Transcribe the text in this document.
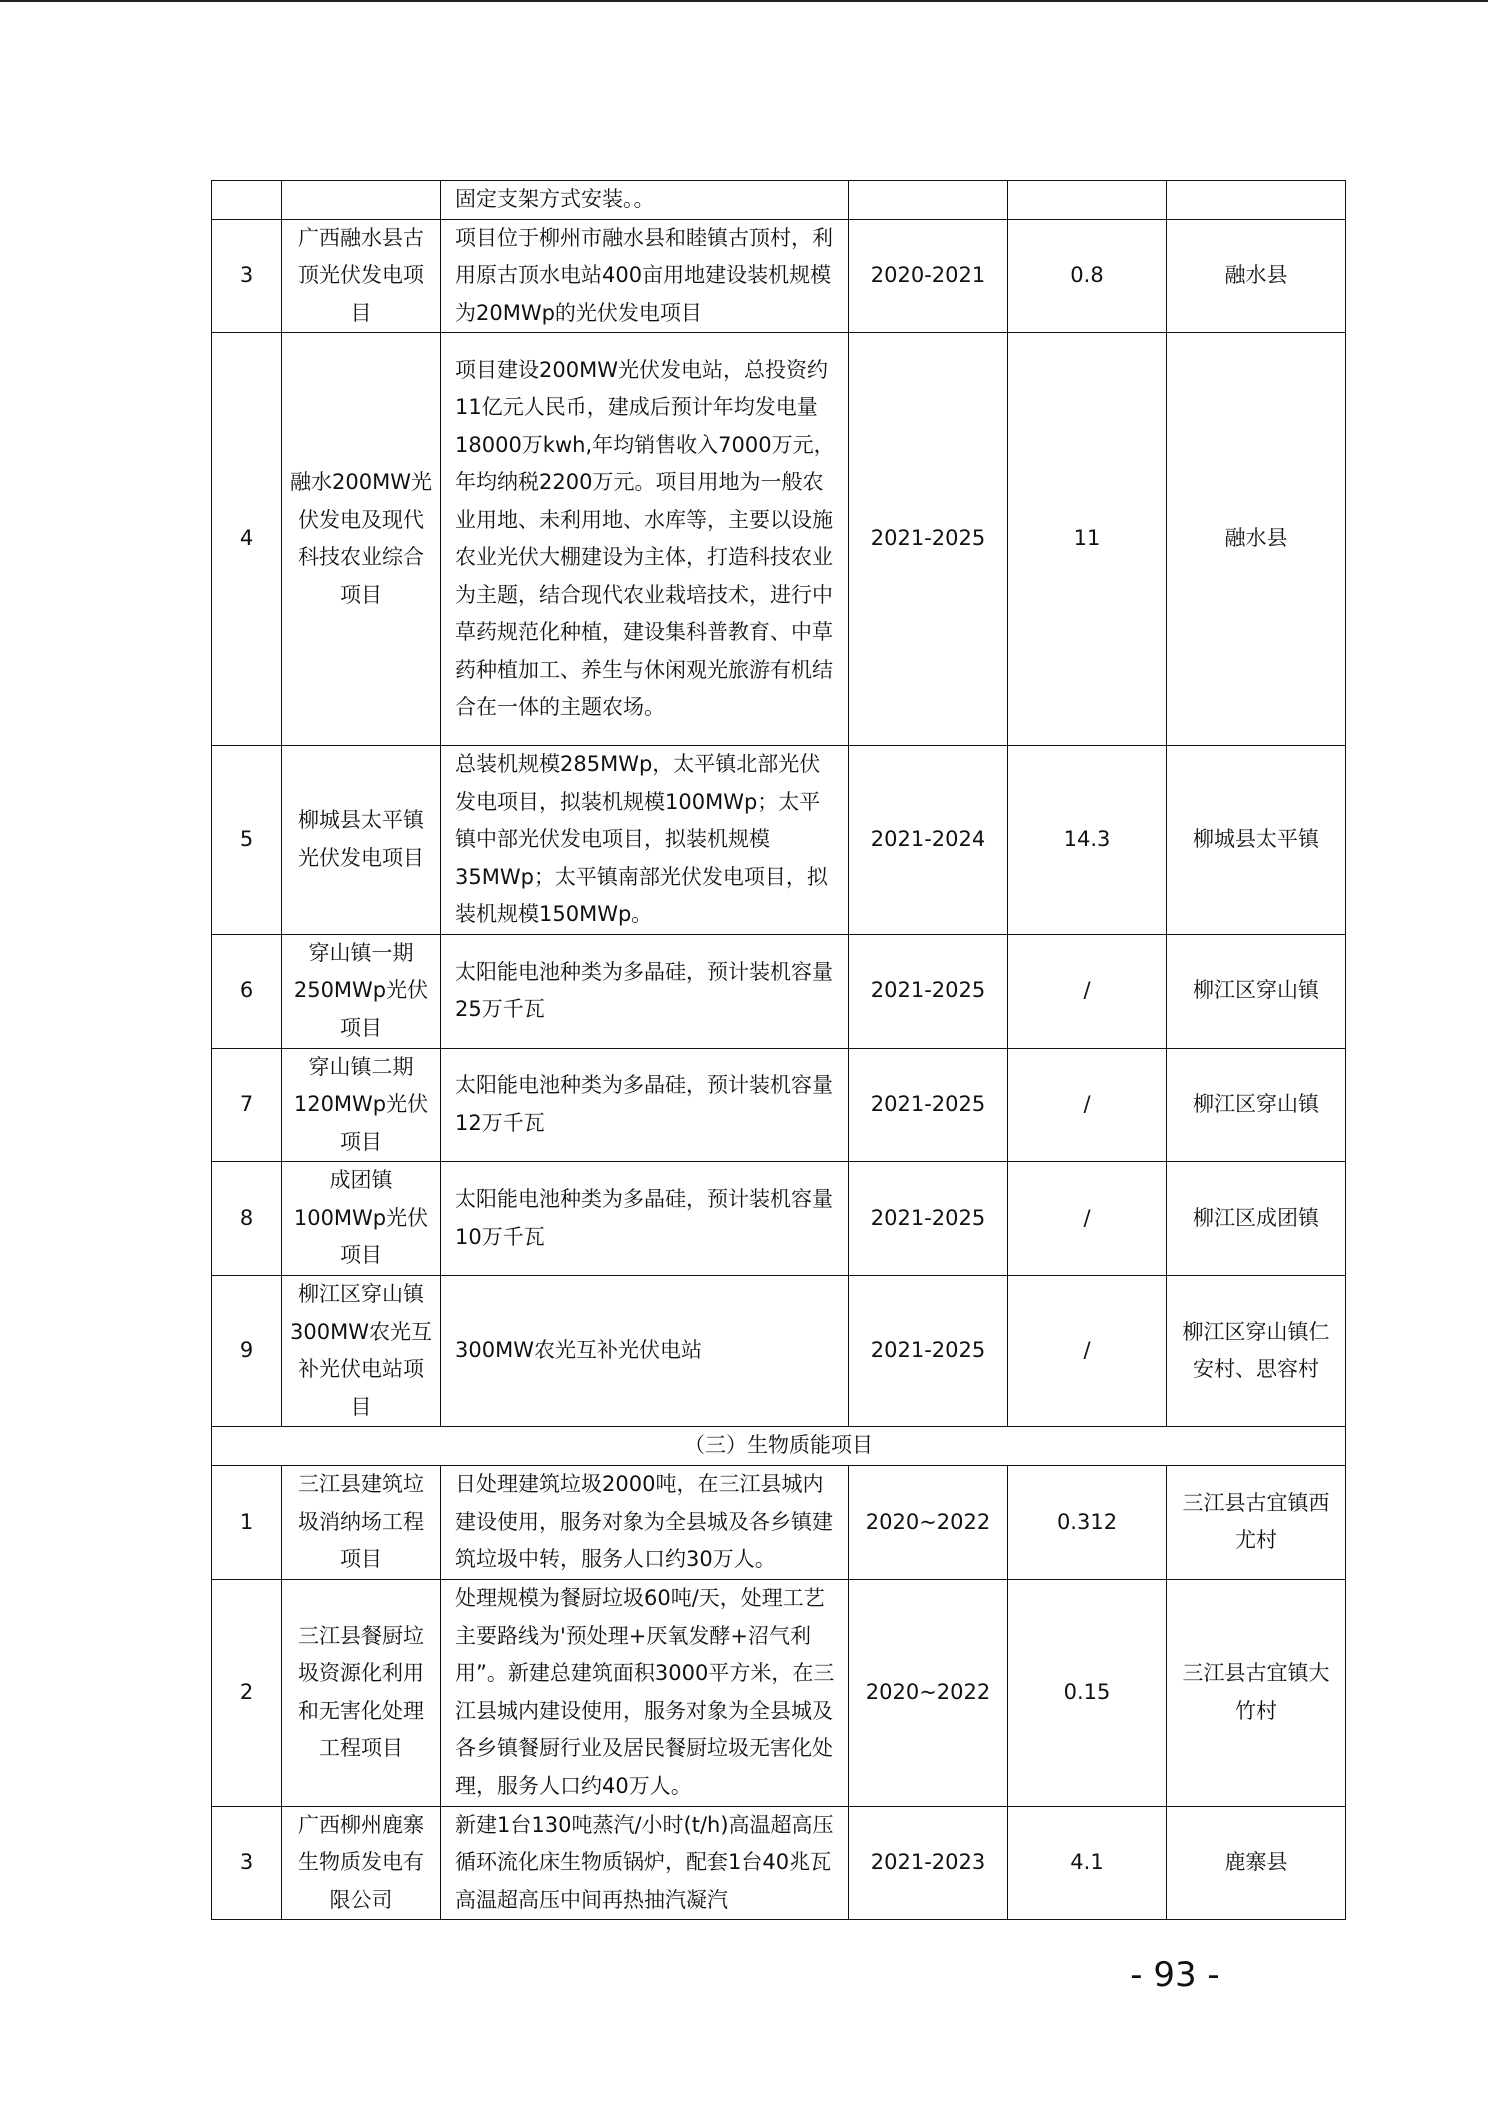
		固定支架方式安装。。			
3	广西融水县古顶光伏发电项目	项目位于柳州市融水县和睦镇古顶村，利用原古顶水电站400亩用地建设装机规模为20MWp的光伏发电项目	2020-2021	0.8	融水县
4	融水200MW光伏发电及现代科技农业综合项目	项目建设200MW光伏发电站，总投资约11亿元人民币，建成后预计年均发电量18000万kwh,年均销售收入7000万元，年均纳税2200万元。项目用地为一般农业用地、未利用地、水库等，主要以设施农业光伏大棚建设为主体，打造科技农业为主题，结合现代农业栽培技术，进行中草药规范化种植，建设集科普教育、中草药种植加工、养生与休闲观光旅游有机结合在一体的主题农场。	2021-2025	11	融水县
5	柳城县太平镇光伏发电项目	总装机规模285MWp，太平镇北部光伏发电项目，拟装机规模100MWp；太平镇中部光伏发电项目，拟装机规模35MWp；太平镇南部光伏发电项目，拟装机规模150MWp。	2021-2024	14.3	柳城县太平镇
6	穿山镇一期250MWp光伏项目	太阳能电池种类为多晶硅，预计装机容量25万千瓦	2021-2025	/	柳江区穿山镇
7	穿山镇二期120MWp光伏项目	太阳能电池种类为多晶硅，预计装机容量12万千瓦	2021-2025	/	柳江区穿山镇
8	成团镇100MWp光伏项目	太阳能电池种类为多晶硅，预计装机容量10万千瓦	2021-2025	/	柳江区成团镇
9	柳江区穿山镇300MW农光互补光伏电站项目	300MW农光互补光伏电站	2021-2025	/	柳江区穿山镇仁安村、思容村
（三）生物质能项目					
1	三江县建筑垃圾消纳场工程项目	日处理建筑垃圾2000吨，在三江县城内建设使用，服务对象为全县城及各乡镇建筑垃圾中转，服务人口约30万人。	2020~2022	0.312	三江县古宜镇西尤村
2	三江县餐厨垃圾资源化利用和无害化处理工程项目	处理规模为餐厨垃圾60吨/天，处理工艺主要路线为'预处理+厌氧发酵+沼气利用”。新建总建筑面积3000平方米，在三江县城内建设使用，服务对象为全县城及各乡镇餐厨行业及居民餐厨垃圾无害化处理，服务人口约40万人。	2020~2022	0.15	三江县古宜镇大竹村
3	广西柳州鹿寨生物质发电有限公司	新建1台130吨蒸汽/小时(t/h)高温超高压循环流化床生物质锅炉，配套1台40兆瓦高温超高压中间再热抽汽凝汽	2021-2023	4.1	鹿寨县
- 93 -
